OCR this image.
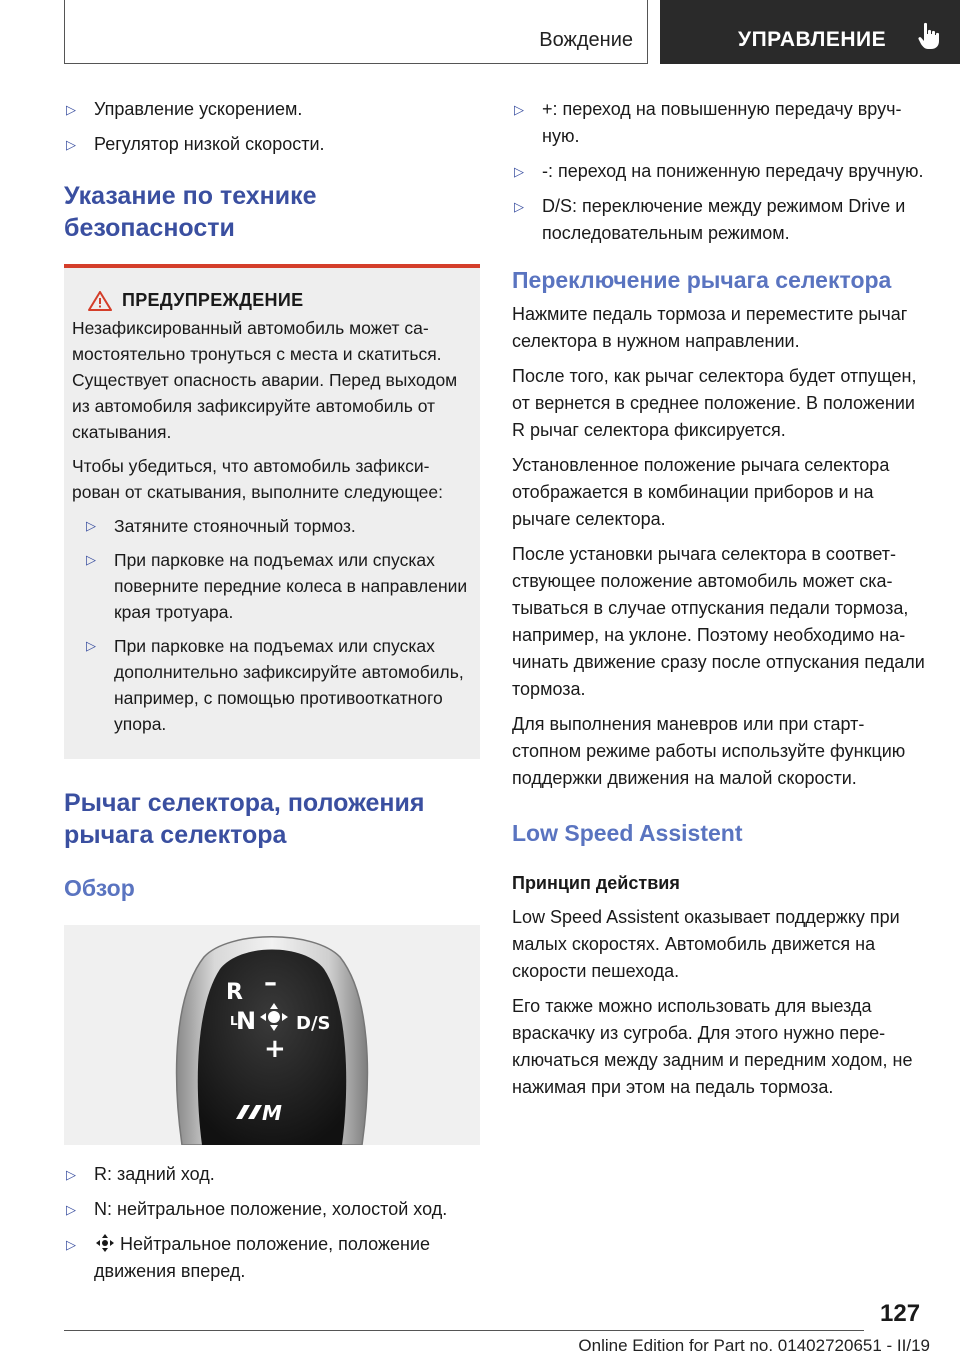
Вождение	УПРАВЛЕНИЕ
▷ Управление ускорением.
▷ Регулятор низкой скорости.
Указание по технике безопасности
ПРЕДУПРЕЖДЕНИЕ

Незафиксированный автомобиль может самостоятельно тронуться с места и скатиться. Существует опасность аварии. Перед выходом из автомобиля зафиксируйте автомобиль от скатывания.

Чтобы убедиться, что автомобиль зафиксирован от скатывания, выполните следующее:

▷ Затяните стояночный тормоз.
▷ При парковке на подъемах или спусках поверните передние колеса в направлении края тротуара.
▷ При парковке на подъемах или спусках дополнительно зафиксируйте автомобиль, например, с помощью противооткатного упора.
Рычаг селектора, положения рычага селектора
Обзор
R –
L
N D/S
+
M
▷ R: задний ход.
▷ N: нейтральное положение, холостой ход.
▷ Нейтральное положение, положение движения вперед.
▷ +: переход на повышенную передачу вручную.
▷ -: переход на пониженную передачу вручную.
▷ D/S: переключение между режимом Drive и последовательным режимом.
Переключение рычага селектора

Нажмите педаль тормоза и переместите рычаг селектора в нужном направлении.

После того, как рычаг селектора будет отпущен, от вернется в среднее положение. В положении R рычаг селектора фиксируется.

Установленное положение рычага селектора отображается в комбинации приборов и на рычаге селектора.

После установки рычага селектора в соответствующее положение автомобиль может скатываться в случае отпускания педали тормоза, например, на уклоне. Поэтому необходимо начинать движение сразу после отпускания педали тормоза.

Для выполнения маневров или при старт-стопном режиме работы используйте функцию поддержки движения на малой скорости.

Low Speed Assistent
Принцип действия

Low Speed Assistent оказывает поддержку при малых скоростях. Автомобиль движется на скорости пешехода.

Его также можно использовать для выезда враскачку из сугроба. Для этого нужно переключаться между задним и передним ходом, не нажимая при этом на педаль тормоза.

127
Online Edition for Part no. 01402720651 - II/19
